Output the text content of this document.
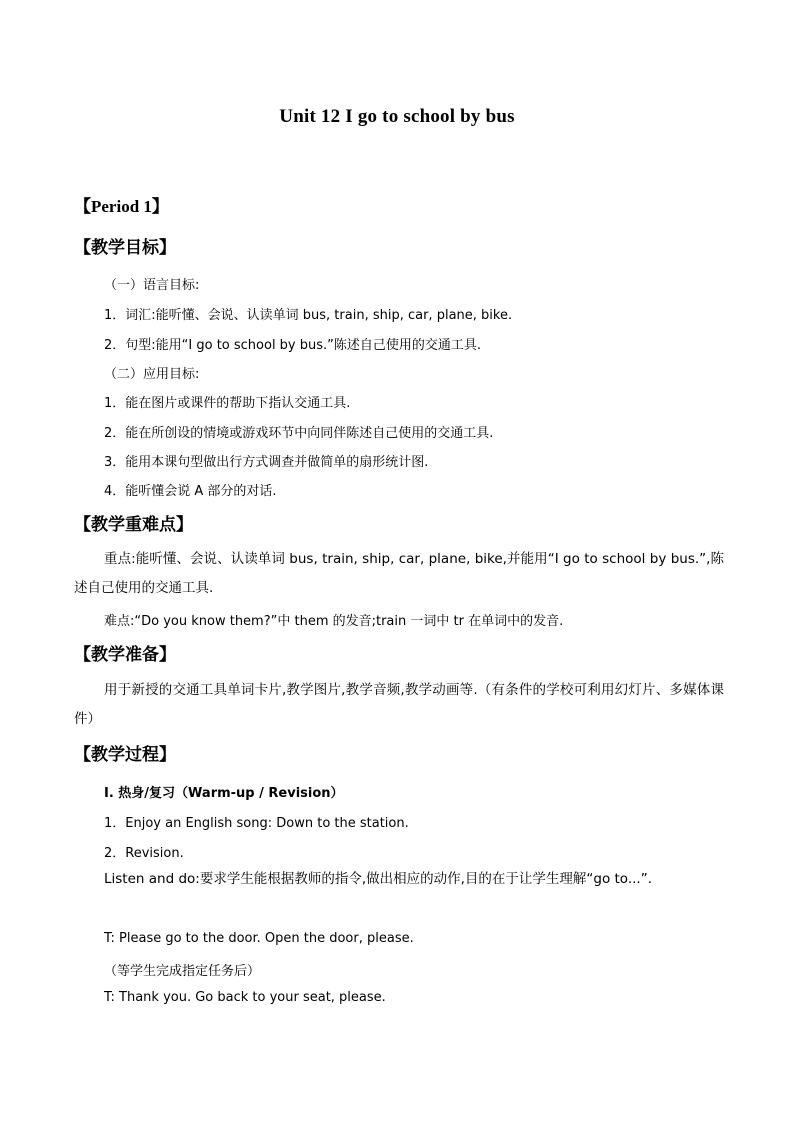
Unit 12 I go to school by bus
【Period 1】
【教学目标】
（一）语言目标:
1．词汇:能听懂、会说、认读单词 bus, train, ship, car, plane, bike.
2．句型:能用“I go to school by bus.”陈述自己使用的交通工具.
（二）应用目标:
1．能在图片或课件的帮助下指认交通工具.
2．能在所创设的情境或游戏环节中向同伴陈述自己使用的交通工具.
3．能用本课句型做出行方式调查并做简单的扇形统计图.
4．能听懂会说 A 部分的对话.
【教学重难点】
重点:能听懂、会说、认读单词 bus, train, ship, car, plane, bike,并能用“I go to school by bus.”,陈述自己使用的交通工具.
难点:“Do you know them?”中 them 的发音;train 一词中 tr 在单词中的发音.
【教学准备】
用于新授的交通工具单词卡片,教学图片,教学音频,教学动画等.（有条件的学校可利用幻灯片、多媒体课件）
【教学过程】
I. 热身/复习（Warm-up / Revision）
1．Enjoy an English song: Down to the station.
2．Revision.
Listen and do:要求学生能根据教师的指令,做出相应的动作,目的在于让学生理解“go to...”.
T: Please go to the door. Open the door, please.
（等学生完成指定任务后）
T: Thank you. Go back to your seat, please.
